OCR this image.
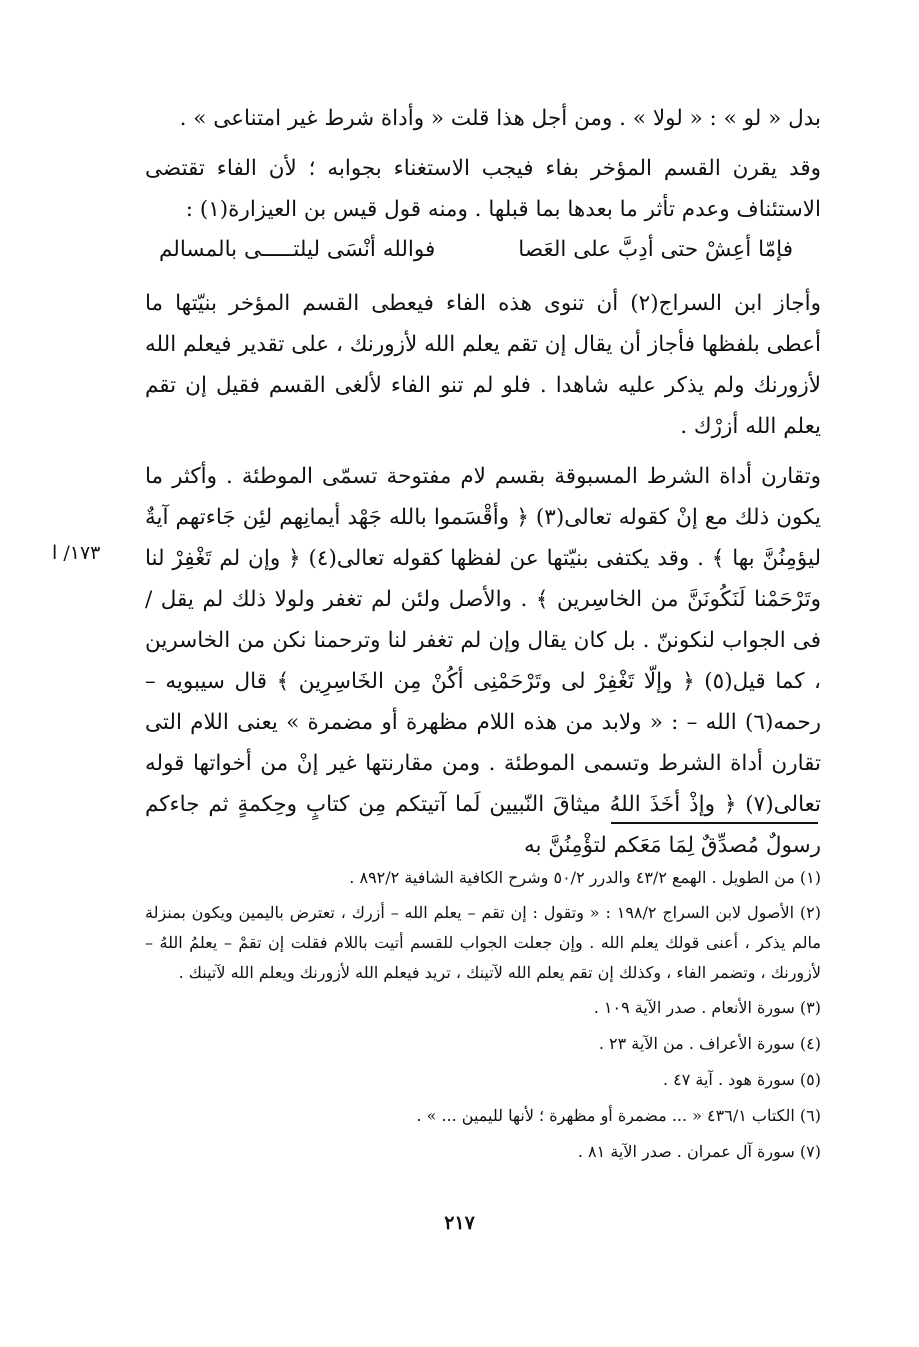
بدل « لو » : « لولا » . ومن أجل هذا قلت « وأداة شرط غير امتناعى » .

وقد يقرن القسم المؤخر بفاء فيجب الاستغناء بجوابه ؛ لأن الفاء تقتضى الاستئناف وعدم تأثر ما بعدها بما قبلها . ومنه قول قيس بن العيزارة(١) :

فإمّا أعِشْ حتى أدِبَّ على العَصا
فوالله أنْسَى ليلتـــــى بالمسالم

وأجاز ابن السراج(٢) أن تنوى هذه الفاء فيعطى القسم المؤخر بنيّتها ما أعطى بلفظها فأجاز أن يقال إن تقم يعلم الله لأزورنك ، على تقدير فيعلم الله لأزورنك ولم يذكر عليه شاهدا . فلو لم تنو الفاء لألغى القسم فقيل إن تقم يعلم الله أزرْك .

وتقارن أداة الشرط المسبوقة بقسم لام مفتوحة تسمّى الموطئة . وأكثر ما يكون ذلك مع إنْ كقوله تعالى(٣) ﴿ وأقْسَموا بالله جَهْد أيمانِهم لئِن جَاءتهم آيةٌ ليؤمِنُنَّ بها ﴾ . وقد يكتفى بنيّتها عن لفظها كقوله تعالى(٤) ﴿ وإن لم تَغْفِرْ لنا وتَرْحَمْنا لَنَكُونَنَّ من الخاسِرين ﴾ . والأصل ولئن لم تغفر ولولا ذلك لم يقل / فى الجواب لنكوننّ . بل كان يقال وإن لم تغفر لنا وترحمنا نكن من الخاسرين ، كما قيل(٥) ﴿ وإلّا تَغْفِرْ لى وتَرْحَمْنِى أكُنْ مِن الخَاسِرِين ﴾ قال سيبويه – رحمه(٦) الله – : « ولابد من هذه اللام مظهرة أو مضمرة » يعنى اللام التى تقارن أداة الشرط وتسمى الموطئة . ومن مقارنتها غير إنْ من أخواتها قوله تعالى(٧) ﴿ وإذْ أخَذَ اللهُ ميثاقَ النّبيين لَما آتيتكم مِن كتابٍ وحِكمةٍ ثم جاءكم رسولٌ مُصدِّقٌ لِمَا مَعَكم لتؤْمِنُنَّ به

١٧٣/ ا

(١) من الطويل . الهمع ٤٣/٢ والدرر ٥٠/٢ وشرح الكافية الشافية ٨٩٢/٢ .

(٢) الأصول لابن السراج ١٩٨/٢ : « وتقول : إن تقم – يعلم الله – أزرك ، تعترض باليمين ويكون بمنزلة مالم يذكر ، أعنى قولك يعلم الله . وإن جعلت الجواب للقسم أتيت باللام فقلت إن تقمْ – يعلمُ اللهُ – لأزورنك ، وتضمر الفاء ، وكذلك إن تقم يعلم الله لآتينك ، تريد فيعلم الله لأزورنك ويعلم الله لآتينك .

(٣) سورة الأنعام . صدر الآية ١٠٩ .

(٤) سورة الأعراف . من الآية ٢٣ .

(٥) سورة هود . آية ٤٧ .

(٦) الكتاب ٤٣٦/١ « ... مضمرة أو مظهرة ؛ لأنها لليمين ... » .

(٧) سورة آل عمران . صدر الآية ٨١ .

٢١٧
